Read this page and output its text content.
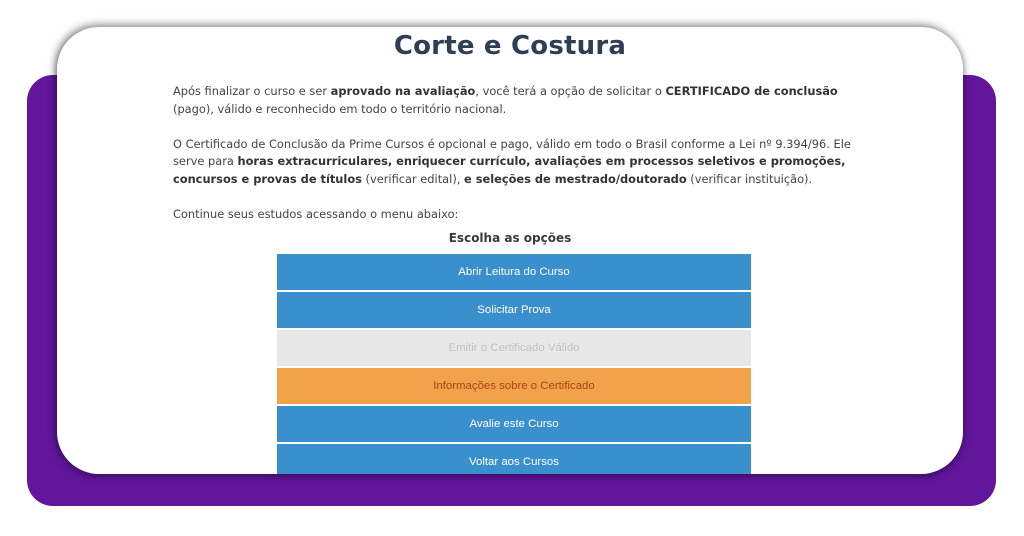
Corte e Costura

Após finalizar o curso e ser aprovado na avaliação, você terá a opção de solicitar o CERTIFICADO de conclusão (pago), válido e reconhecido em todo o território nacional.

O Certificado de Conclusão da Prime Cursos é opcional e pago, válido em todo o Brasil conforme a Lei nº 9.394/96. Ele serve para horas extracurriculares, enriquecer currículo, avaliações em processos seletivos e promoções, concursos e provas de títulos (verificar edital), e seleções de mestrado/doutorado (verificar instituição).

Continue seus estudos acessando o menu abaixo:

Escolha as opções
Abrir Leitura do Curso
Solicitar Prova
Emitir o Certificado Válido
Informações sobre o Certificado
Avalie este Curso
Voltar aos Cursos
